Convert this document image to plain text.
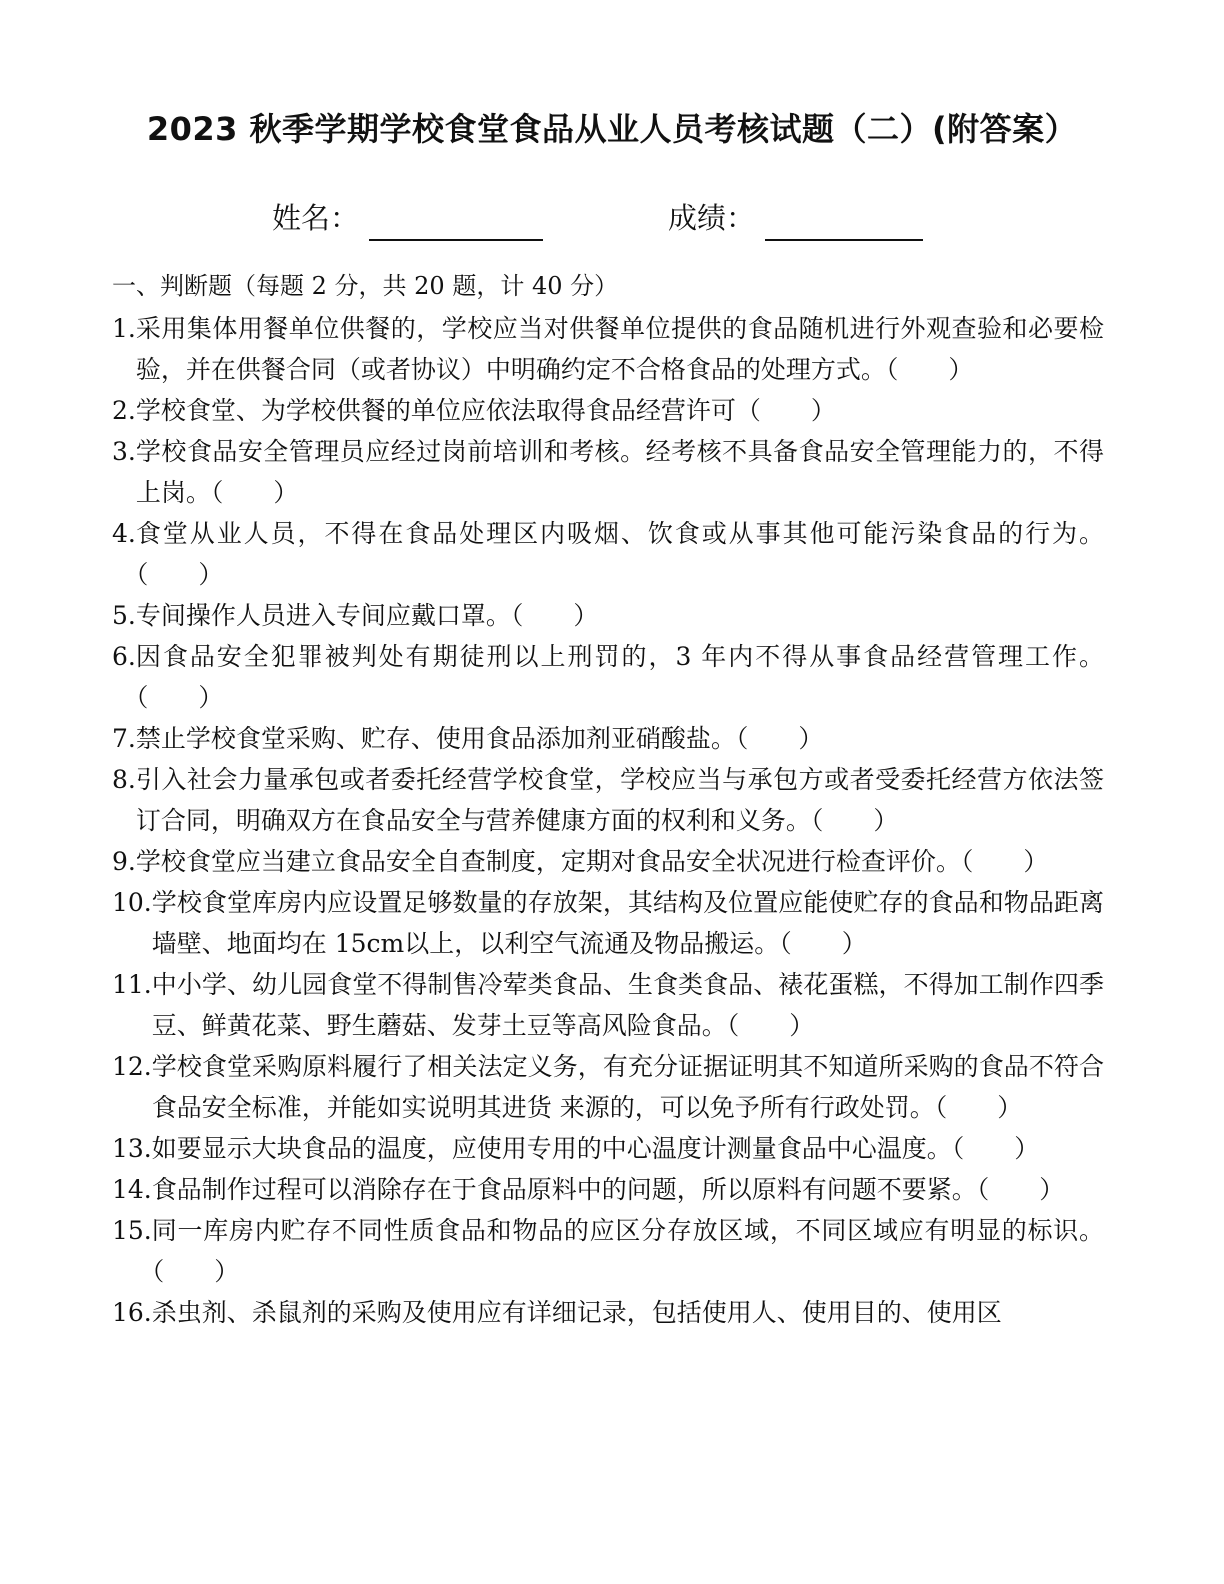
2023 秋季学期学校食堂食品从业人员考核试题（二）(附答案）
姓名：	成绩：
一、判断题（每题 2 分，共 20 题，计 40 分）
1. 采用集体用餐单位供餐的，学校应当对供餐单位提供的食品随机进行外观查验和必要检验，并在供餐合同（或者协议）中明确约定不合格食品的处理方式。（　　）
2. 学校食堂、为学校供餐的单位应依法取得食品经营许可（　　）
3. 学校食品安全管理员应经过岗前培训和考核。经考核不具备食品安全管理能力的，不得上岗。（　　）
4. 食堂从业人员，不得在食品处理区内吸烟、饮食或从事其他可能污染食品的行为。（　　）
5. 专间操作人员进入专间应戴口罩。（　　）
6. 因食品安全犯罪被判处有期徒刑以上刑罚的，3 年内不得从事食品经营管理工作。（　　）
7. 禁止学校食堂采购、贮存、使用食品添加剂亚硝酸盐。（　　）
8. 引入社会力量承包或者委托经营学校食堂，学校应当与承包方或者受委托经营方依法签订合同，明确双方在食品安全与营养健康方面的权利和义务。（　　）
9. 学校食堂应当建立食品安全自查制度，定期对食品安全状况进行检查评价。（　　）
10. 学校食堂库房内应设置足够数量的存放架，其结构及位置应能使贮存的食品和物品距离墙壁、地面均在 15cm以上，以利空气流通及物品搬运。（　　）
11. 中小学、幼儿园食堂不得制售冷荤类食品、生食类食品、裱花蛋糕，不得加工制作四季豆、鲜黄花菜、野生蘑菇、发芽土豆等高风险食品。（　　）
12. 学校食堂采购原料履行了相关法定义务，有充分证据证明其不知道所采购的食品不符合食品安全标准，并能如实说明其进货 来源的，可以免予所有行政处罚。（　　）
13. 如要显示大块食品的温度，应使用专用的中心温度计测量食品中心温度。（　　）
14. 食品制作过程可以消除存在于食品原料中的问题，所以原料有问题不要紧。（　　）
15. 同一库房内贮存不同性质食品和物品的应区分存放区域，不同区域应有明显的标识。（　　）
16. 杀虫剂、杀鼠剂的采购及使用应有详细记录，包括使用人、使用目的、使用区
